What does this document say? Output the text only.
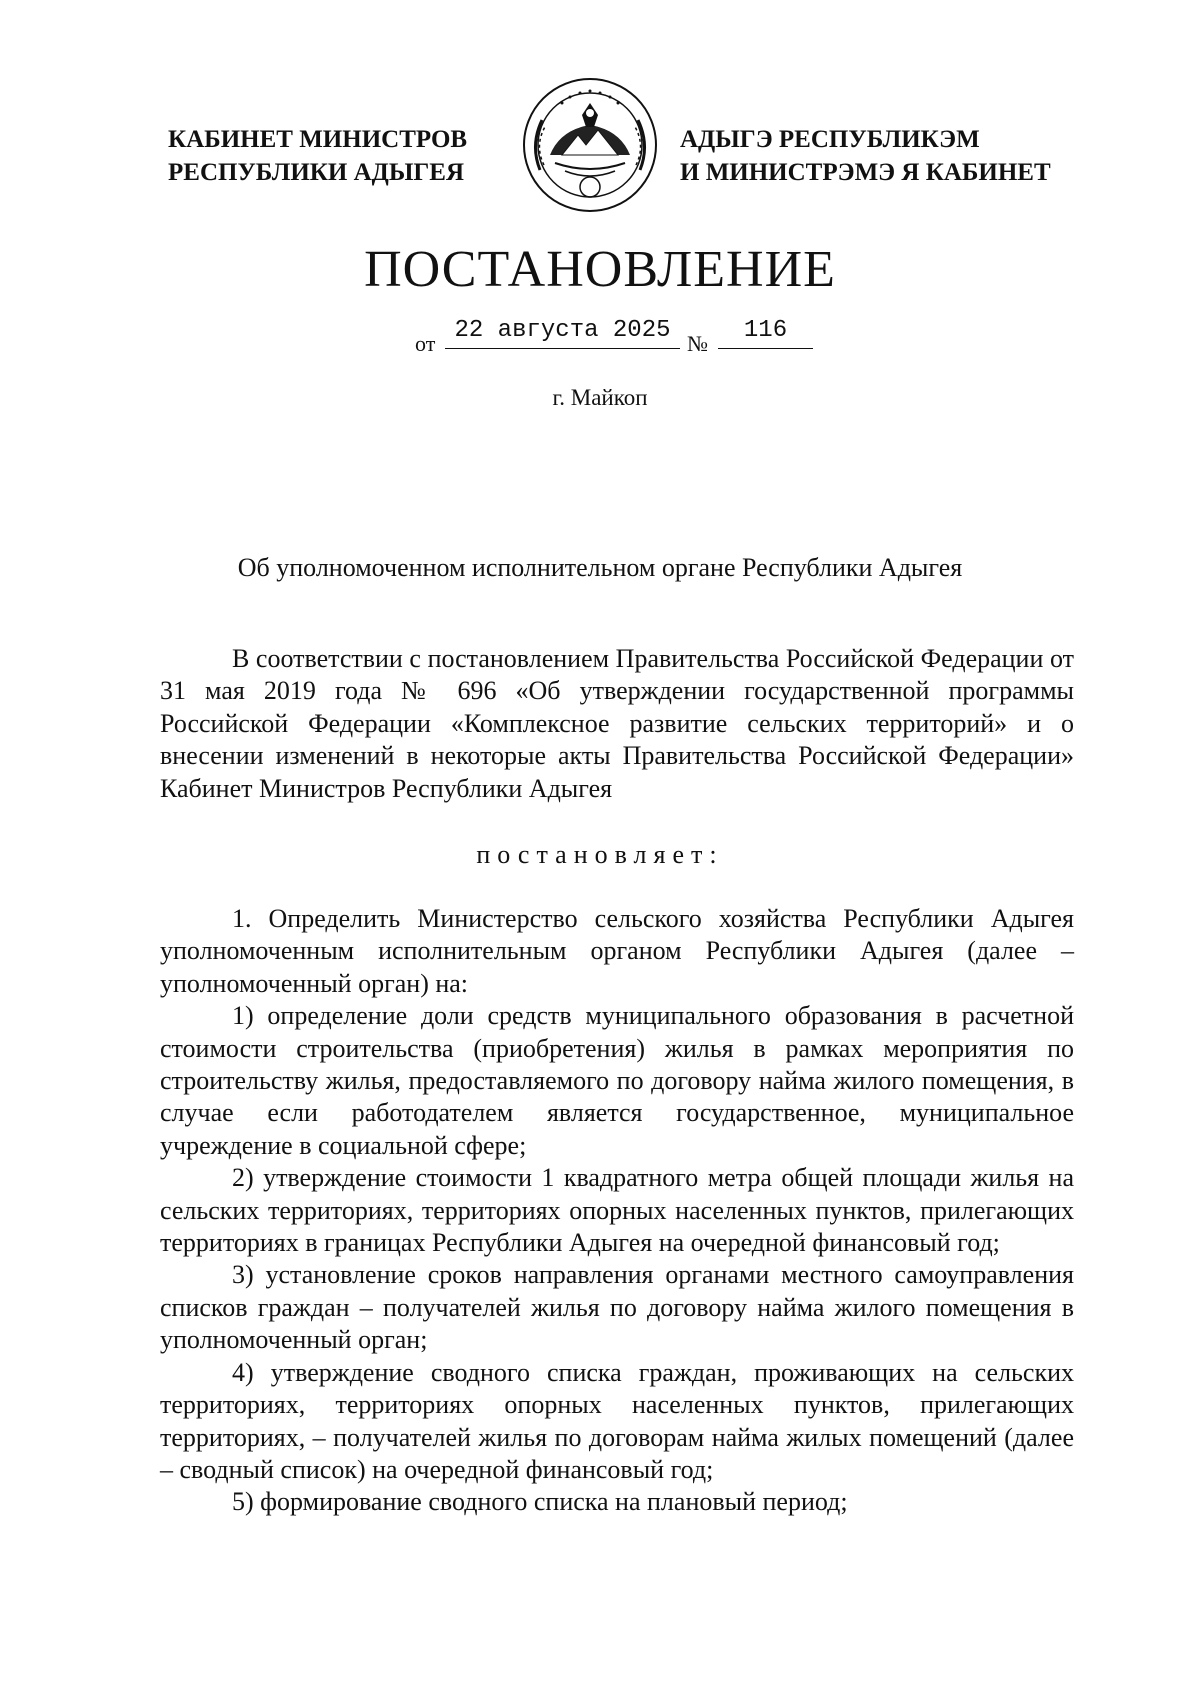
КАБИНЕТ МИНИСТРОВ
РЕСПУБЛИКИ АДЫГЕЯ
АДЫГЭ РЕСПУБЛИКЭМ
И МИНИСТРЭМЭ Я КАБИНЕТ
ПОСТАНОВЛЕНИЕ
от 22 августа 2025 №	116
г. Майкоп
Об уполномоченном исполнительном органе Республики Адыгея

В соответствии с постановлением Правительства Российской Федерации от 31 мая 2019 года № 696 «Об утверждении государственной программы Российской Федерации «Комплексное развитие сельских территорий» и о внесении изменений в некоторые акты Правительства Российской Федерации» Кабинет Министров Республики Адыгея

постановляет:

1. Определить Министерство сельского хозяйства Республики Адыгея уполномоченным исполнительным органом Республики Адыгея (далее – уполномоченный орган) на:

1) определение доли средств муниципального образования в расчетной стоимости строительства (приобретения) жилья в рамках мероприятия по строительству жилья, предоставляемого по договору найма жилого помещения, в случае если работодателем является государственное, муниципальное учреждение в социальной сфере;

2) утверждение стоимости 1 квадратного метра общей площади жилья на сельских территориях, территориях опорных населенных пунктов, прилегающих территориях в границах Республики Адыгея на очередной финансовый год;

3) установление сроков направления органами местного самоуправления списков граждан – получателей жилья по договору найма жилого помещения в уполномоченный орган;

4) утверждение сводного списка граждан, проживающих на сельских территориях, территориях опорных населенных пунктов, прилегающих территориях, – получателей жилья по договорам найма жилых помещений (далее – сводный список) на очередной финансовый год;

5) формирование сводного списка на плановый период;
